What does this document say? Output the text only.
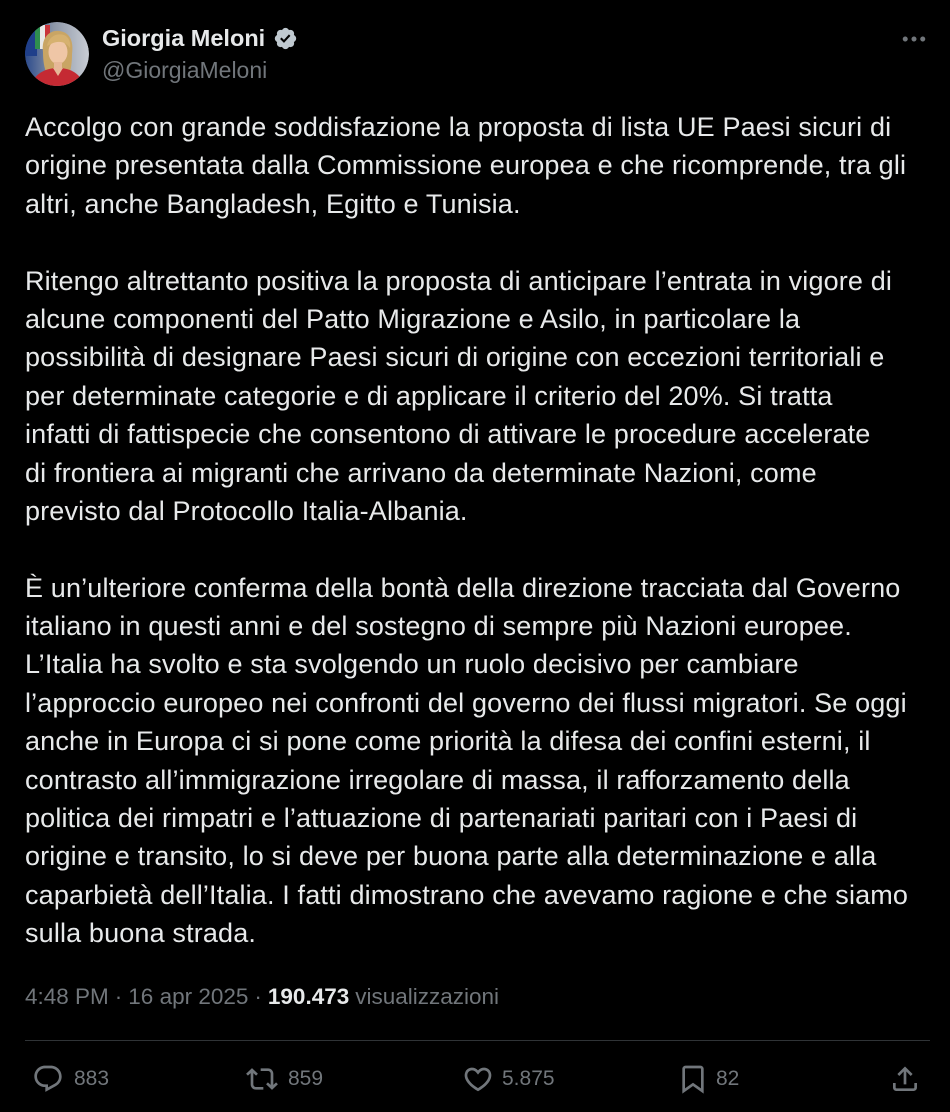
Giorgia Meloni
@GiorgiaMeloni
Accolgo con grande soddisfazione la proposta di lista UE Paesi sicuri di
origine presentata dalla Commissione europea e che ricomprende, tra gli
altri, anche Bangladesh, Egitto e Tunisia.
Ritengo altrettanto positiva la proposta di anticipare l’entrata in vigore di
alcune componenti del Patto Migrazione e Asilo, in particolare la
possibilità di designare Paesi sicuri di origine con eccezioni territoriali e
per determinate categorie e di applicare il criterio del 20%. Si tratta
infatti di fattispecie che consentono di attivare le procedure accelerate
di frontiera ai migranti che arrivano da determinate Nazioni, come
previsto dal Protocollo Italia-Albania.
È un’ulteriore conferma della bontà della direzione tracciata dal Governo
italiano in questi anni e del sostegno di sempre più Nazioni europee.
L’Italia ha svolto e sta svolgendo un ruolo decisivo per cambiare
l’approccio europeo nei confronti del governo dei flussi migratori. Se oggi
anche in Europa ci si pone come priorità la difesa dei confini esterni, il
contrasto all’immigrazione irregolare di massa, il rafforzamento della
politica dei rimpatri e l’attuazione di partenariati paritari con i Paesi di
origine e transito, lo si deve per buona parte alla determinazione e alla
caparbietà dell’Italia. I fatti dimostrano che avevamo ragione e che siamo
sulla buona strada.
4:48 PM · 16 apr 2025 · 190.473 visualizzazioni
883	859	5.875	82
